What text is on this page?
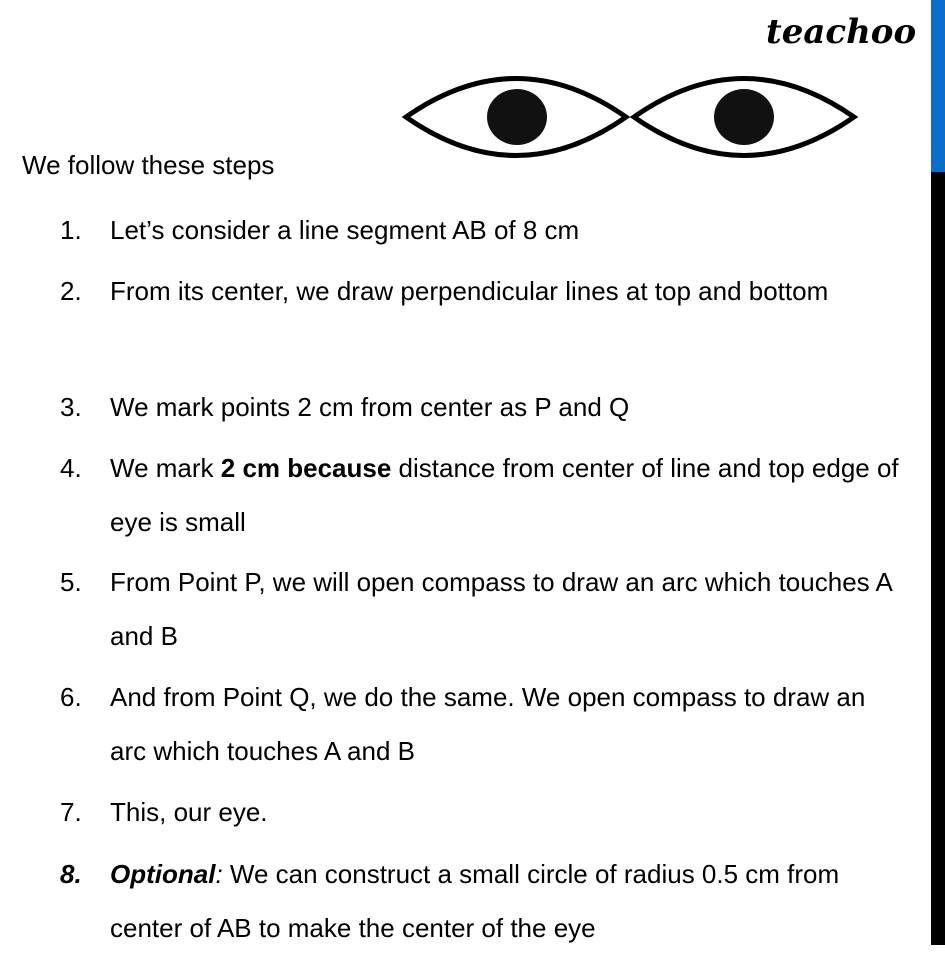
teachoo
We follow these steps
1. Let’s consider a line segment AB of 8 cm
2. From its center, we draw perpendicular lines at top and bottom
3. We mark points 2 cm from center as P and Q
4. We mark 2 cm because distance from center of line and top edge of eye is small
5. From Point P, we will open compass to draw an arc which touches A and B
6. And from Point Q, we do the same. We open compass to draw an arc which touches A and B
7. This, our eye.
8. Optional: We can construct a small circle of radius 0.5 cm from center of AB to make the center of the eye
